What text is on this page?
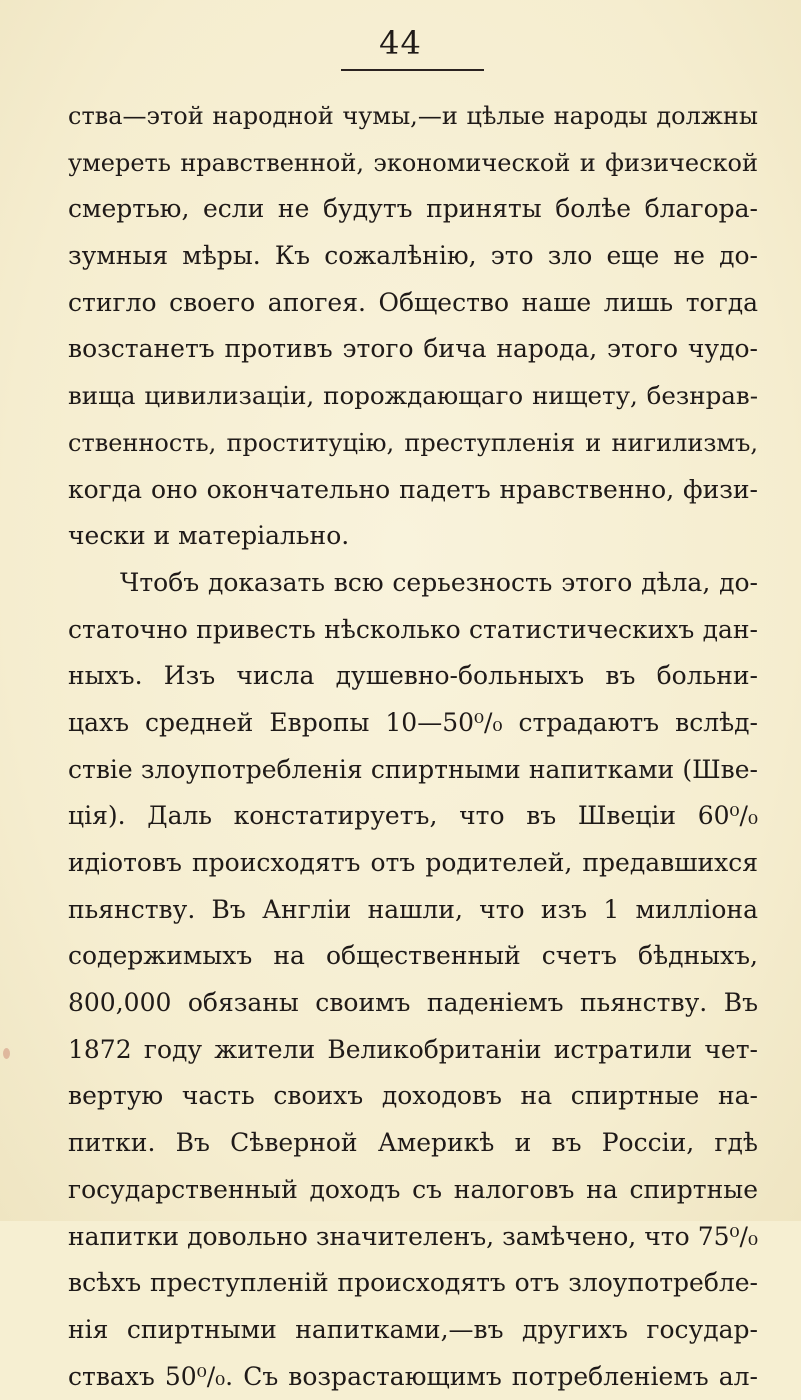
44
ства—этой народной чумы,—и цѣлые народы должны
умереть нравственной, экономической и физической
смертью, если не будутъ приняты болѣе благора-
зумныя мѣры. Къ сожалѣнію, это зло еще не до-
стигло своего апогея. Общество наше лишь тогда
возстанетъ противъ этого бича народа, этого чудо-
вища цивилизаціи, порождающаго нищету, безнрав-
ственность, проституцію, преступленія и нигилизмъ,
когда оно окончательно падетъ нравственно, физи-
чески и матеріально.
Чтобъ доказать всю серьезность этого дѣла, до-
статочно привесть нѣсколько статистическихъ дан-
ныхъ. Изъ числа душевно-больныхъ въ больни-
цахъ средней Европы 10—50⁰/₀ страдаютъ вслѣд-
ствіе злоупотребленія спиртными напитками (Шве-
ція). Даль констатируетъ, что въ Швеціи 60⁰/₀
идіотовъ происходятъ отъ родителей, предавшихся
пьянству. Въ Англіи нашли, что изъ 1 милліона
содержимыхъ на общественный счетъ бѣдныхъ,
800,000 обязаны своимъ паденіемъ пьянству. Въ
1872 году жители Великобританіи истратили чет-
вертую часть своихъ доходовъ на спиртные на-
питки. Въ Сѣверной Америкѣ и въ Россіи, гдѣ
государственный доходъ съ налоговъ на спиртные
напитки довольно значителенъ, замѣчено, что 75⁰/₀
всѣхъ преступленій происходятъ отъ злоупотребле-
нія спиртными напитками,—въ другихъ государ-
ствахъ 50⁰/₀. Съ возрастающимъ потребленіемъ ал-
